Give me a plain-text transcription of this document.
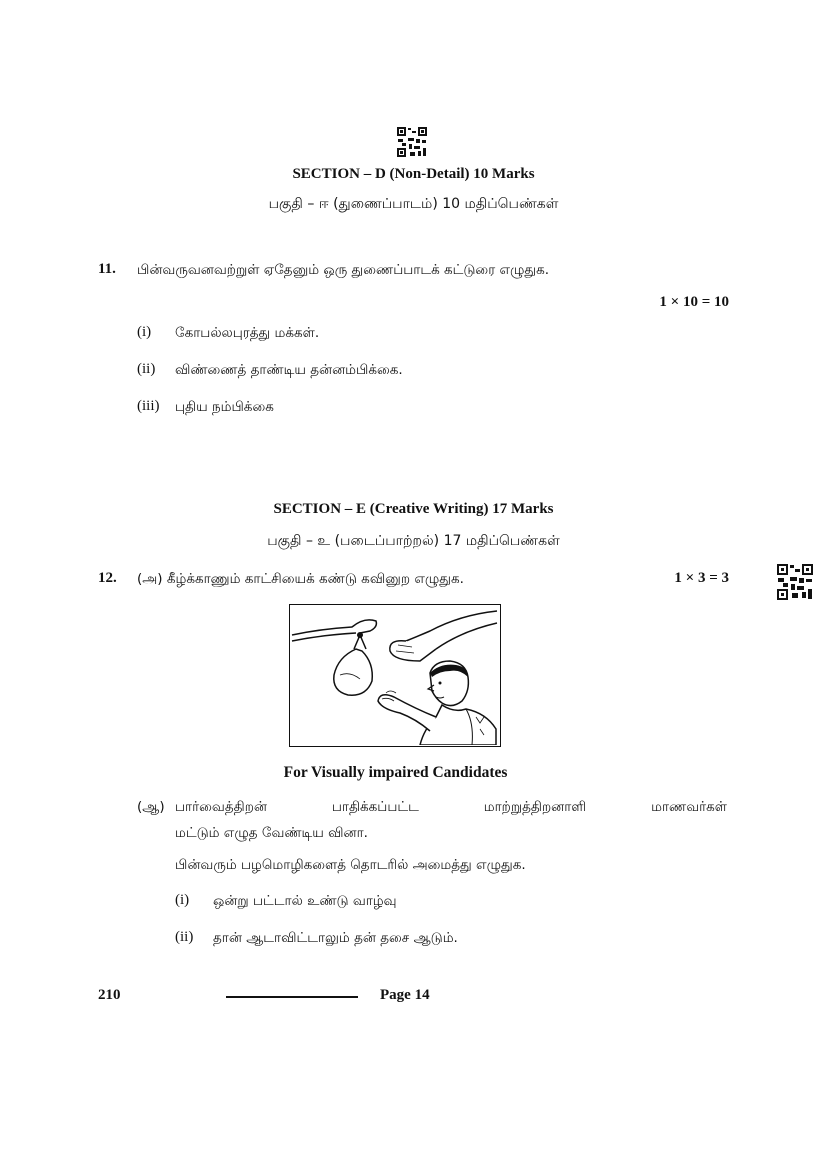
SECTION – D (Non-Detail) 10 Marks
பகுதி – ஈ (துணைப்பாடம்) 10 மதிப்பெண்கள்
11. பின்வருவனவற்றுள் ஏதேனும் ஒரு துணைப்பாடக் கட்டுரை எழுதுக.
1 × 10 = 10
(i) கோபல்லபுரத்து மக்கள்.
(ii) விண்ணைத் தாண்டிய தன்னம்பிக்கை.
(iii) புதிய நம்பிக்கை
SECTION – E (Creative Writing) 17 Marks
பகுதி – உ (படைப்பாற்றல்) 17 மதிப்பெண்கள்
12. (அ) கீழ்க்காணும் காட்சியைக் கண்டு கவினுற எழுதுக.	1 × 3 = 3
For Visually impaired Candidates
(ஆ) பார்வைத்திறன் பாதிக்கப்பட்ட மாற்றுத்திறனாளி மாணவர்கள்
மட்டும் எழுத வேண்டிய வினா.
பின்வரும் பழமொழிகளைத் தொடரில் அமைத்து எழுதுக.
(i) ஒன்று பட்டால் உண்டு வாழ்வு
(ii) தான் ஆடாவிட்டாலும் தன் தசை ஆடும்.
210	Page 14
